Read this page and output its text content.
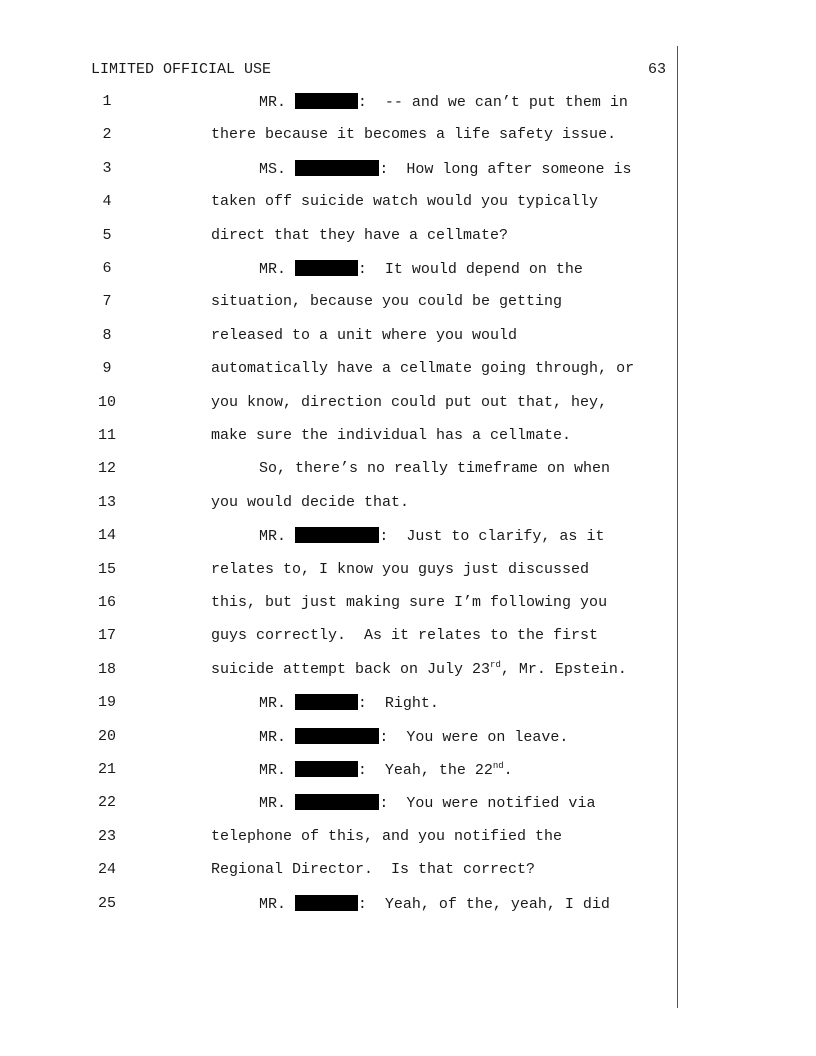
LIMITED OFFICIAL USE	63
1	MR.	:  -- and we can’t put them in
2	there because it becomes a life safety issue.
3	MS.	:  How long after someone is
4	taken off suicide watch would you typically
5	direct that they have a cellmate?
6	MR.	:  It would depend on the
7	situation, because you could be getting
8	released to a unit where you would
9	automatically have a cellmate going through, or
10	you know, direction could put out that, hey,
11	make sure the individual has a cellmate.
12	So, there’s no really timeframe on when
13	you would decide that.
14	MR.	:  Just to clarify, as it
15	relates to, I know you guys just discussed
16	this, but just making sure I’m following you
17	guys correctly.  As it relates to the first
18	suicide attempt back on July 23rd, Mr. Epstein.
19	MR.	:  Right.
20	MR.	:  You were on leave.
21	MR.	:  Yeah, the 22nd.
22	MR.	:  You were notified via
23	telephone of this, and you notified the
24	Regional Director.  Is that correct?
25	MR.	:  Yeah, of the, yeah, I did
